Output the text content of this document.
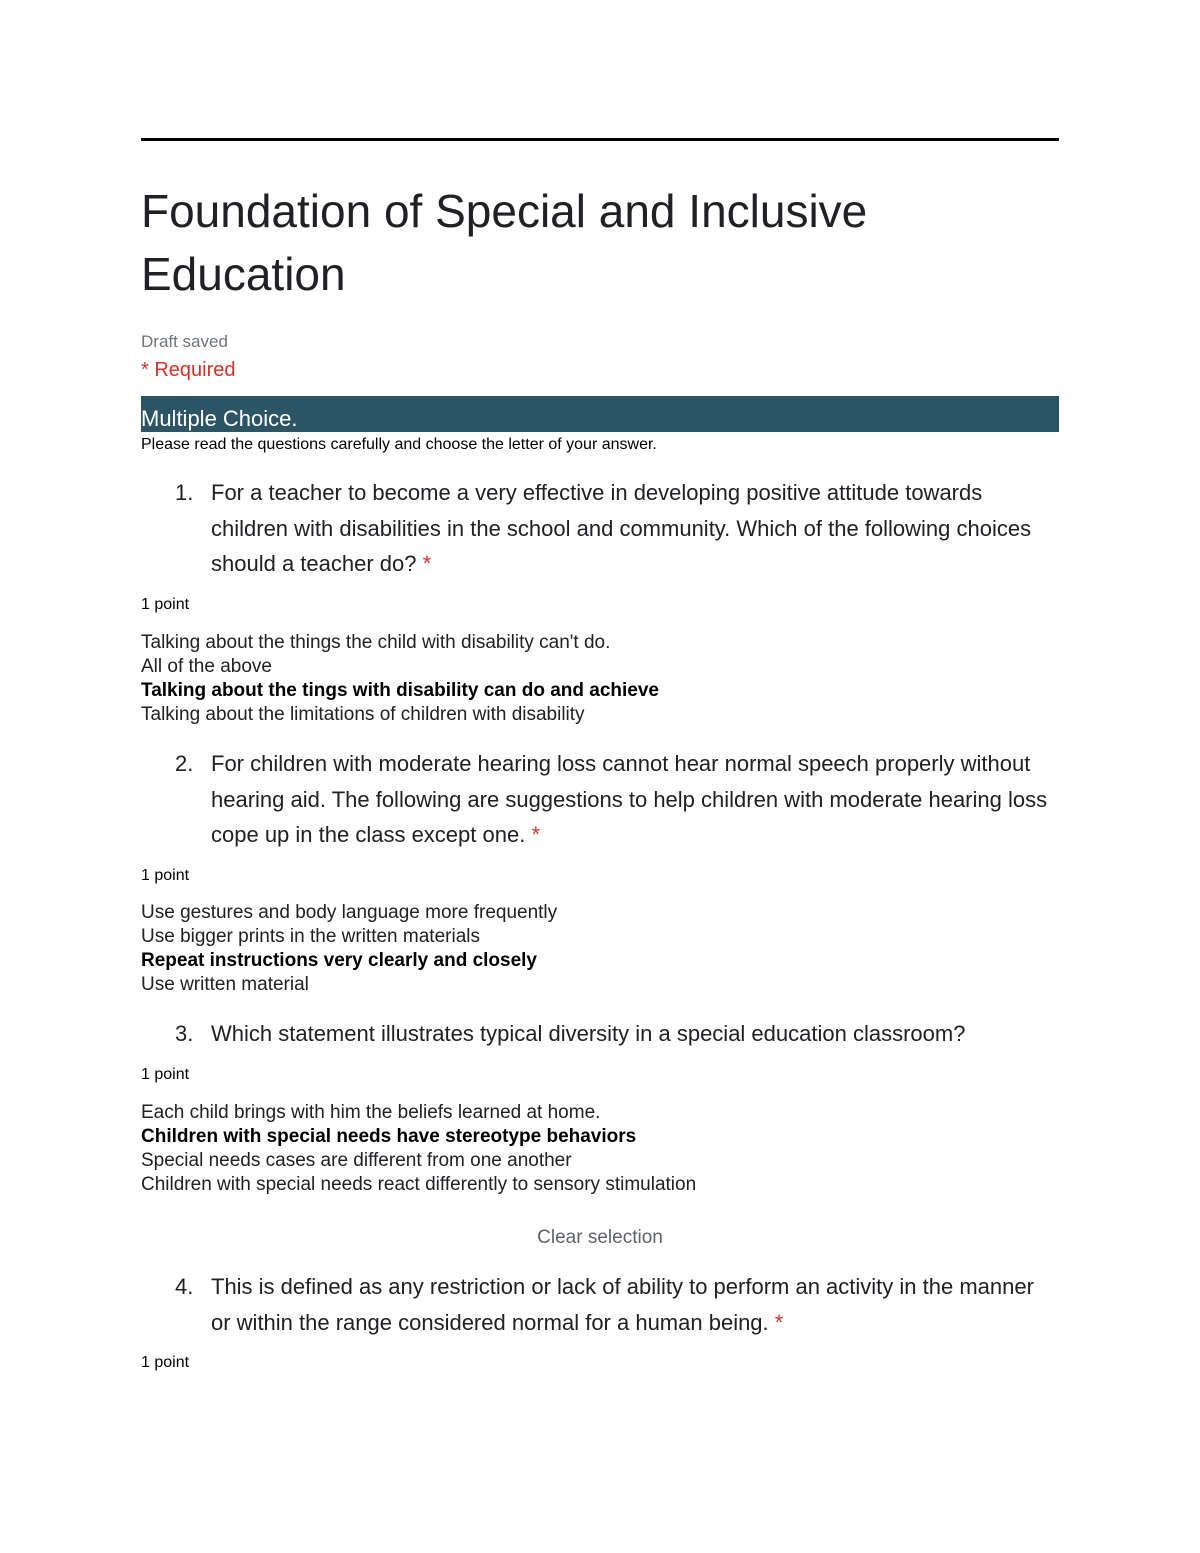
Foundation of Special and Inclusive Education
Draft saved
* Required
Multiple Choice.
Please read the questions carefully and choose the letter of your answer.
1. For a teacher to become a very effective in developing positive attitude towards children with disabilities in the school and community. Which of the following choices should a teacher do? *
1 point
Talking about the things the child with disability can't do.
All of the above
Talking about the tings with disability can do and achieve
Talking about the limitations of children with disability
2. For children with moderate hearing loss cannot hear normal speech properly without hearing aid. The following are suggestions to help children with moderate hearing loss cope up in the class except one. *
1 point
Use gestures and body language more frequently
Use bigger prints in the written materials
Repeat instructions very clearly and closely
Use written material
3. Which statement illustrates typical diversity in a special education classroom?
1 point
Each child brings with him the beliefs learned at home.
Children with special needs have stereotype behaviors
Special needs cases are different from one another
Children with special needs react differently to sensory stimulation
Clear selection
4. This is defined as any restriction or lack of ability to perform an activity in the manner or within the range considered normal for a human being. *
1 point
